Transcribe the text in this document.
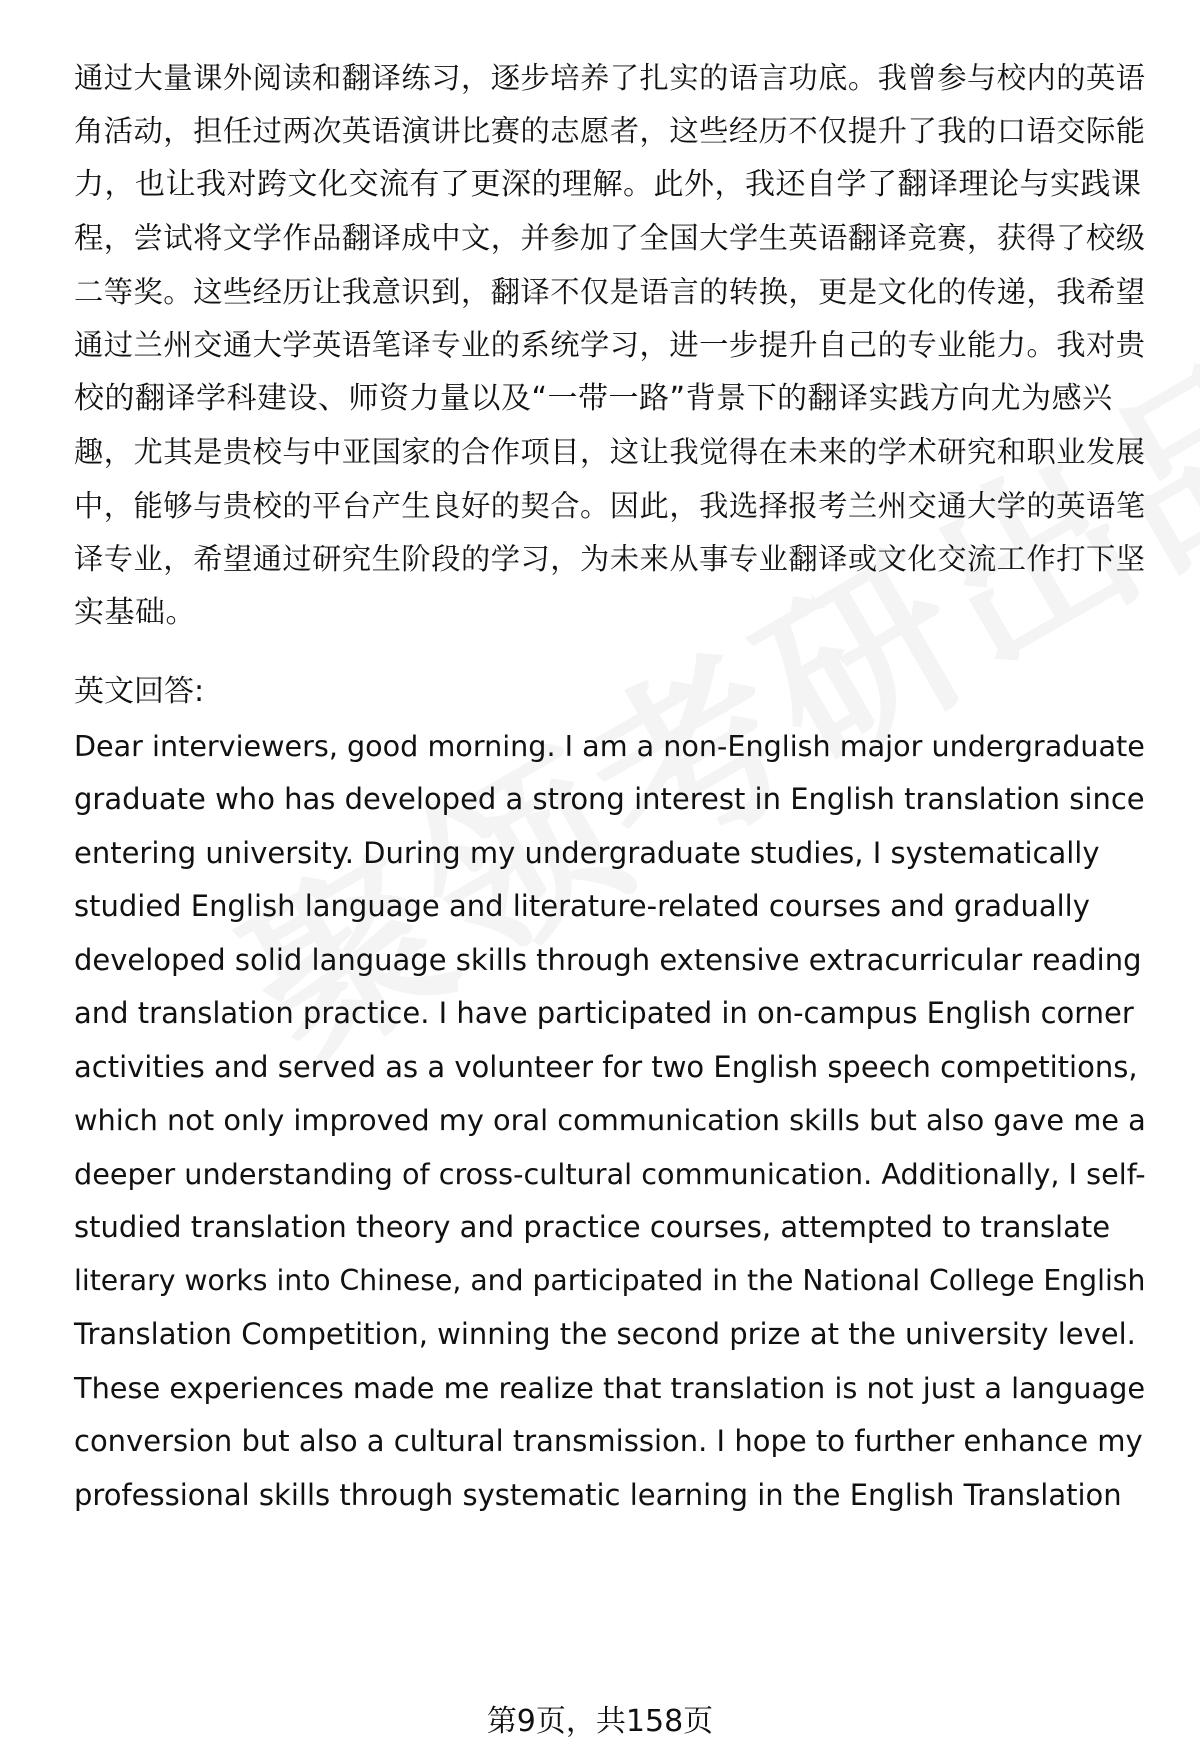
通过大量课外阅读和翻译练习，逐步培养了扎实的语言功底。我曾参与校内的英语
角活动，担任过两次英语演讲比赛的志愿者，这些经历不仅提升了我的口语交际能
力，也让我对跨文化交流有了更深的理解。此外，我还自学了翻译理论与实践课
程，尝试将文学作品翻译成中文，并参加了全国大学生英语翻译竞赛，获得了校级
二等奖。这些经历让我意识到，翻译不仅是语言的转换，更是文化的传递，我希望
通过兰州交通大学英语笔译专业的系统学习，进一步提升自己的专业能力。我对贵
校的翻译学科建设、师资力量以及“一带一路”背景下的翻译实践方向尤为感兴
趣，尤其是贵校与中亚国家的合作项目，这让我觉得在未来的学术研究和职业发展
中，能够与贵校的平台产生良好的契合。因此，我选择报考兰州交通大学的英语笔
译专业，希望通过研究生阶段的学习，为未来从事专业翻译或文化交流工作打下坚
实基础。
英文回答:
Dear interviewers, good morning. I am a non-English major undergraduate
graduate who has developed a strong interest in English translation since
entering university. During my undergraduate studies, I systematically
studied English language and literature-related courses and gradually
developed solid language skills through extensive extracurricular reading
and translation practice. I have participated in on-campus English corner
activities and served as a volunteer for two English speech competitions,
which not only improved my oral communication skills but also gave me a
deeper understanding of cross-cultural communication. Additionally, I self-
studied translation theory and practice courses, attempted to translate
literary works into Chinese, and participated in the National College English
Translation Competition, winning the second prize at the university level.
These experiences made me realize that translation is not just a language
conversion but also a cultural transmission. I hope to further enhance my
professional skills through systematic learning in the English Translation
第9页，共158页
